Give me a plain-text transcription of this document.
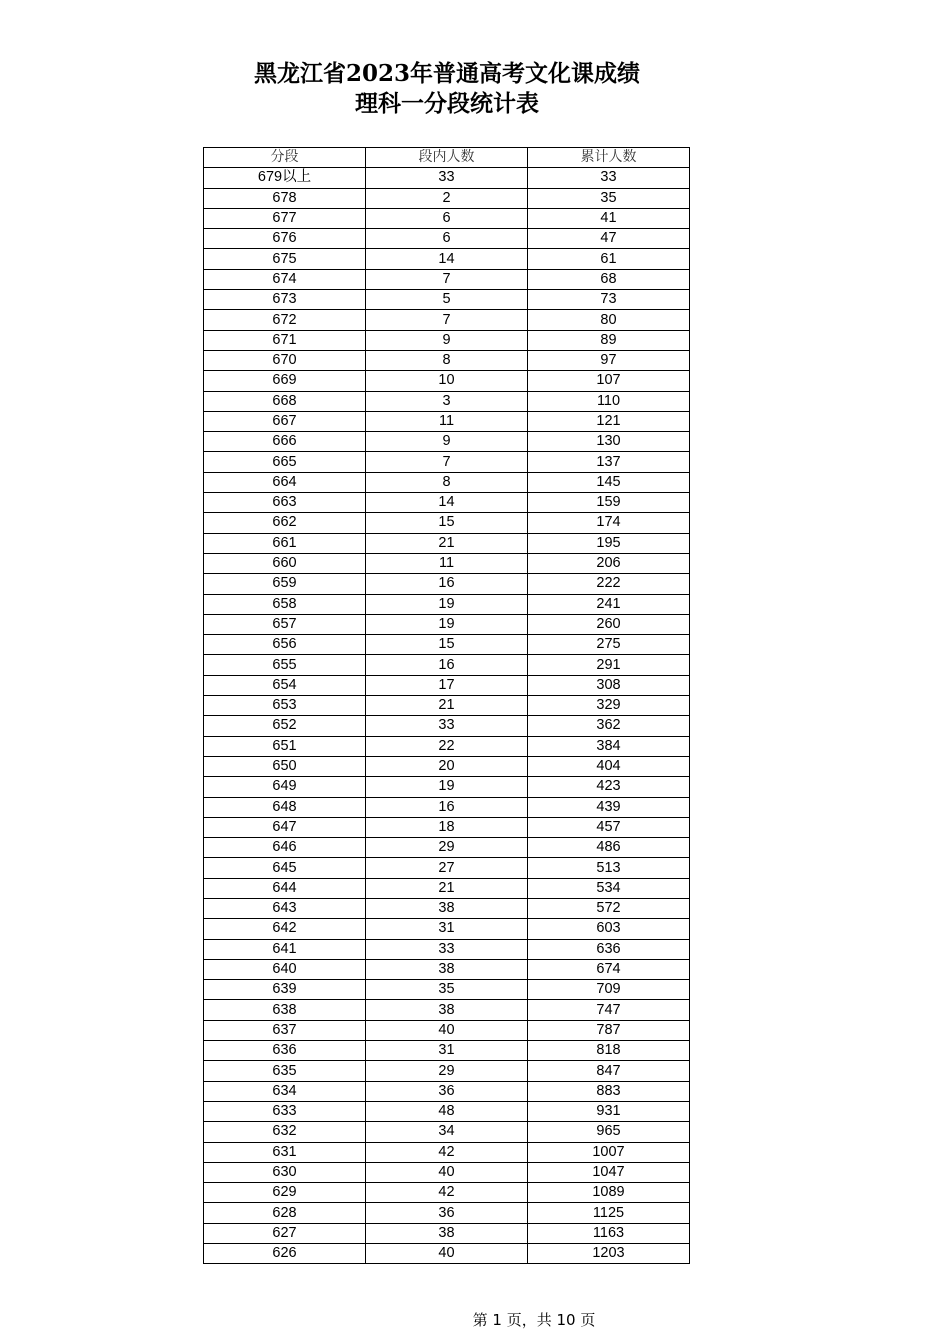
黑龙江省2023年普通高考文化课成绩
理科一分段统计表
分段	段内人数	累计人数
679以上	33	33
678	2	35
677	6	41
676	6	47
675	14	61
674	7	68
673	5	73
672	7	80
671	9	89
670	8	97
669	10	107
668	3	110
667	11	121
666	9	130
665	7	137
664	8	145
663	14	159
662	15	174
661	21	195
660	11	206
659	16	222
658	19	241
657	19	260
656	15	275
655	16	291
654	17	308
653	21	329
652	33	362
651	22	384
650	20	404
649	19	423
648	16	439
647	18	457
646	29	486
645	27	513
644	21	534
643	38	572
642	31	603
641	33	636
640	38	674
639	35	709
638	38	747
637	40	787
636	31	818
635	29	847
634	36	883
633	48	931
632	34	965
631	42	1007
630	40	1047
629	42	1089
628	36	1125
627	38	1163
626	40	1203
第 1 页，共 10 页
